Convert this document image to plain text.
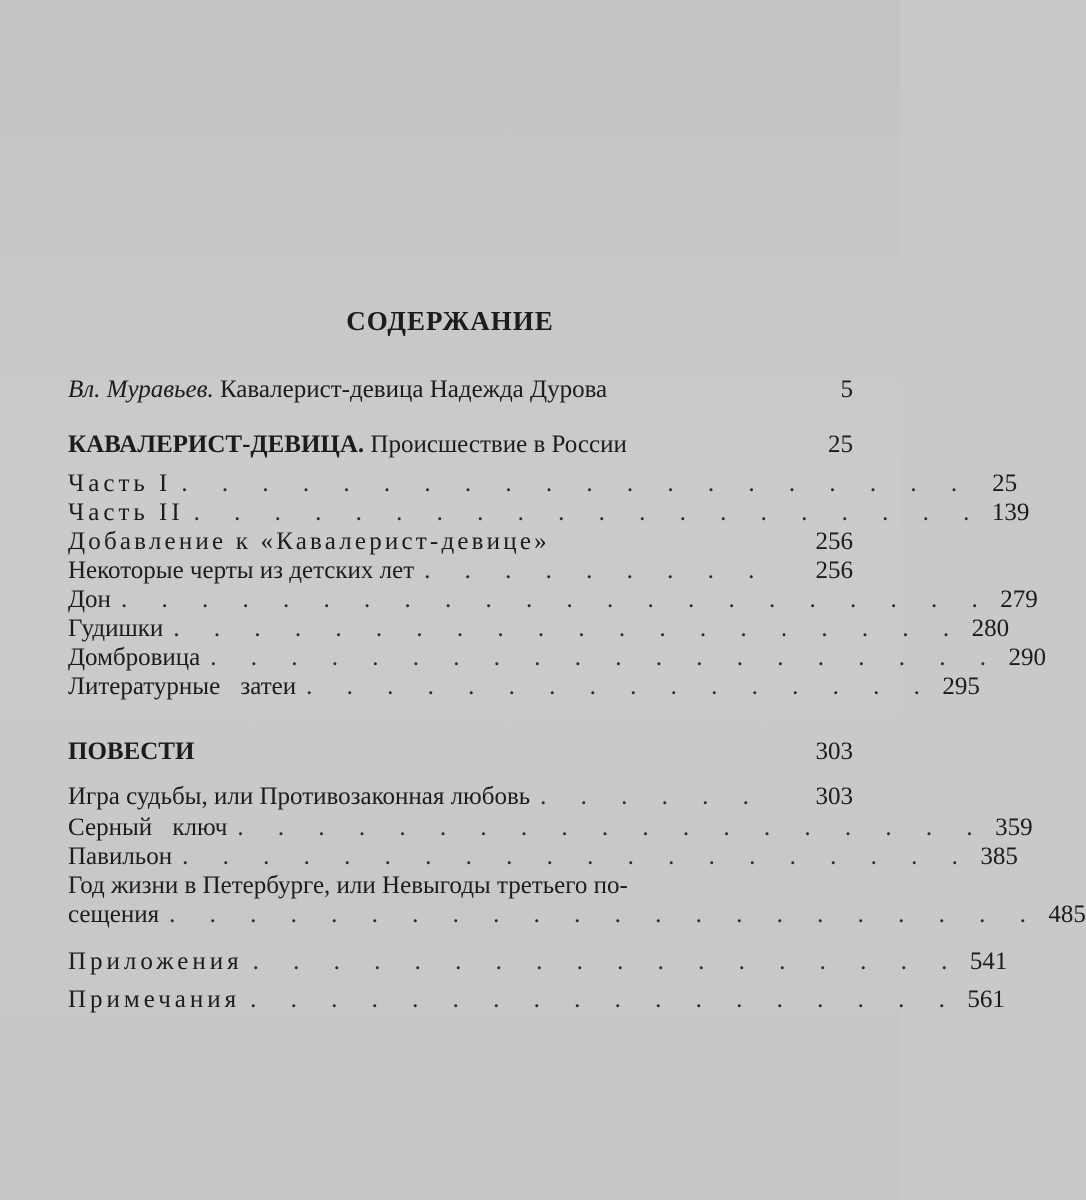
СОДЕРЖАНИЕ
Вл. Муравьев. Кавалерист-девица Надежда Дурова	5
КАВАЛЕРИСТ-ДЕВИЦА. Происшествие в России	25
Часть I . . . . . . . . . . . . . . . . . . . . 25
Часть II . . . . . . . . . . . . . . . . . . . . 139
Добавление к «Кавалерист-девице»	256
Некоторые черты из детских лет . . . . . . . . .	256
Дон . . . . . . . . . . . . . . . . . . . . . . 279
Гудишки . . . . . . . . . . . . . . . . . . . . 280
Домбровица . . . . . . . . . . . . . . . . . . . . 290
Литературные затеи . . . . . . . . . . . . . . . . 295
ПОВЕСТИ	303
Игра судьбы, или Противозаконная любовь . . . . . .	303
Серный ключ . . . . . . . . . . . . . . . . . . . 359
Павильон . . . . . . . . . . . . . . . . . . . . 385
Год жизни в Петербурге, или Невыгоды третьего по-
сещения . . . . . . . . . . . . . . . . . . . . . . 485
Приложения . . . . . . . . . . . . . . . . . . 541
Примечания . . . . . . . . . . . . . . . . . . 561
